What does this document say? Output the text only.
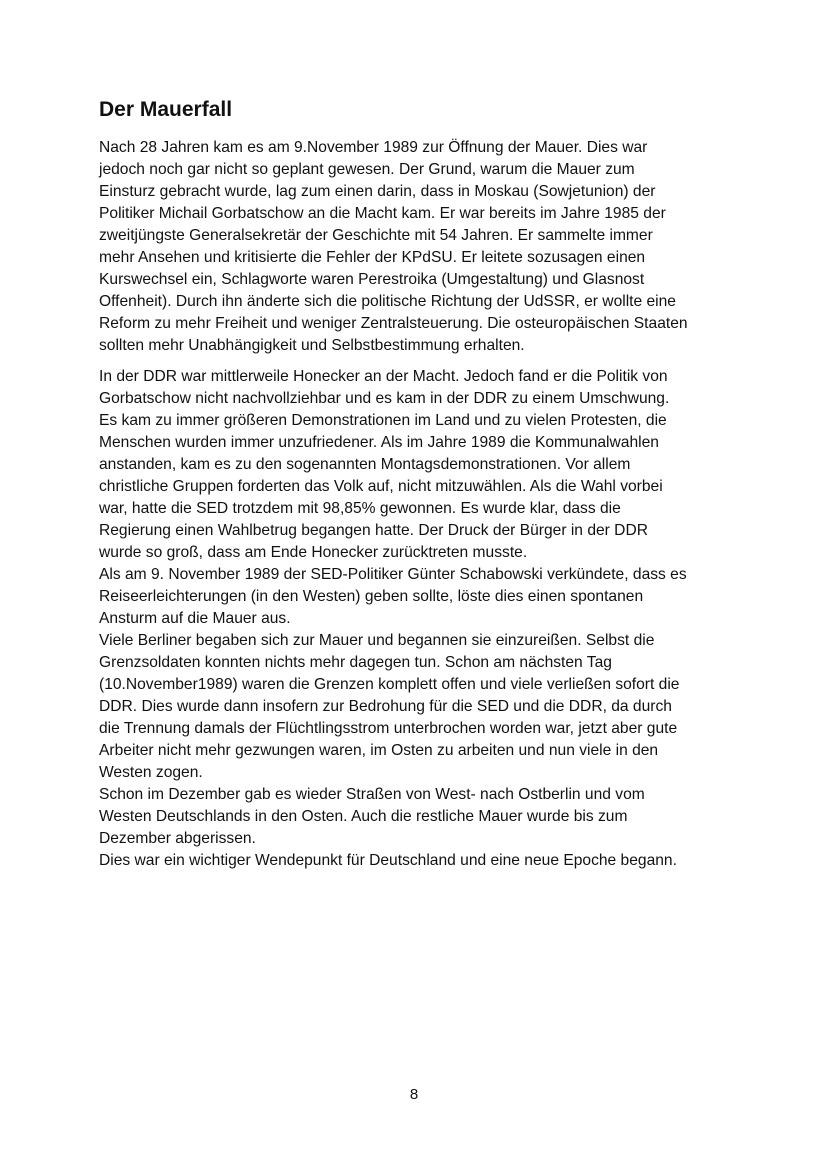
Der Mauerfall

Nach 28 Jahren kam es am 9.November 1989 zur Öffnung der Mauer. Dies war
jedoch noch gar nicht so geplant gewesen. Der Grund, warum die Mauer zum
Einsturz gebracht wurde, lag zum einen darin, dass in Moskau (Sowjetunion) der
Politiker Michail Gorbatschow an die Macht kam. Er war bereits im Jahre 1985 der
zweitjüngste Generalsekretär der Geschichte mit 54 Jahren. Er sammelte immer
mehr Ansehen und kritisierte die Fehler der KPdSU. Er leitete sozusagen einen
Kurswechsel ein, Schlagworte waren Perestroika (Umgestaltung) und Glasnost
Offenheit). Durch ihn änderte sich die politische Richtung der UdSSR, er wollte eine
Reform zu mehr Freiheit und weniger Zentralsteuerung. Die osteuropäischen Staaten
sollten mehr Unabhängigkeit und Selbstbestimmung erhalten.

In der DDR war mittlerweile Honecker an der Macht. Jedoch fand er die Politik von
Gorbatschow nicht nachvollziehbar und es kam in der DDR zu einem Umschwung.
Es kam zu immer größeren Demonstrationen im Land und zu vielen Protesten, die
Menschen wurden immer unzufriedener. Als im Jahre 1989 die Kommunalwahlen
anstanden, kam es zu den sogenannten Montagsdemonstrationen. Vor allem
christliche Gruppen forderten das Volk auf, nicht mitzuwählen. Als die Wahl vorbei
war, hatte die SED trotzdem mit 98,85% gewonnen. Es wurde klar, dass die
Regierung einen Wahlbetrug begangen hatte. Der Druck der Bürger in der DDR
wurde so groß, dass am Ende Honecker zurücktreten musste.
Als am 9. November 1989 der SED-Politiker Günter Schabowski verkündete, dass es
Reiseerleichterungen (in den Westen) geben sollte, löste dies einen spontanen
Ansturm auf die Mauer aus.
Viele Berliner begaben sich zur Mauer und begannen sie einzureißen. Selbst die
Grenzsoldaten konnten nichts mehr dagegen tun. Schon am nächsten Tag
(10.November1989) waren die Grenzen komplett offen und viele verließen sofort die
DDR. Dies wurde dann insofern zur Bedrohung für die SED und die DDR, da durch
die Trennung damals der Flüchtlingsstrom unterbrochen worden war, jetzt aber gute
Arbeiter nicht mehr gezwungen waren, im Osten zu arbeiten und nun viele in den
Westen zogen.
Schon im Dezember gab es wieder Straßen von West- nach Ostberlin und vom
Westen Deutschlands in den Osten. Auch die restliche Mauer wurde bis zum
Dezember abgerissen.
Dies war ein wichtiger Wendepunkt für Deutschland und eine neue Epoche begann.

8
